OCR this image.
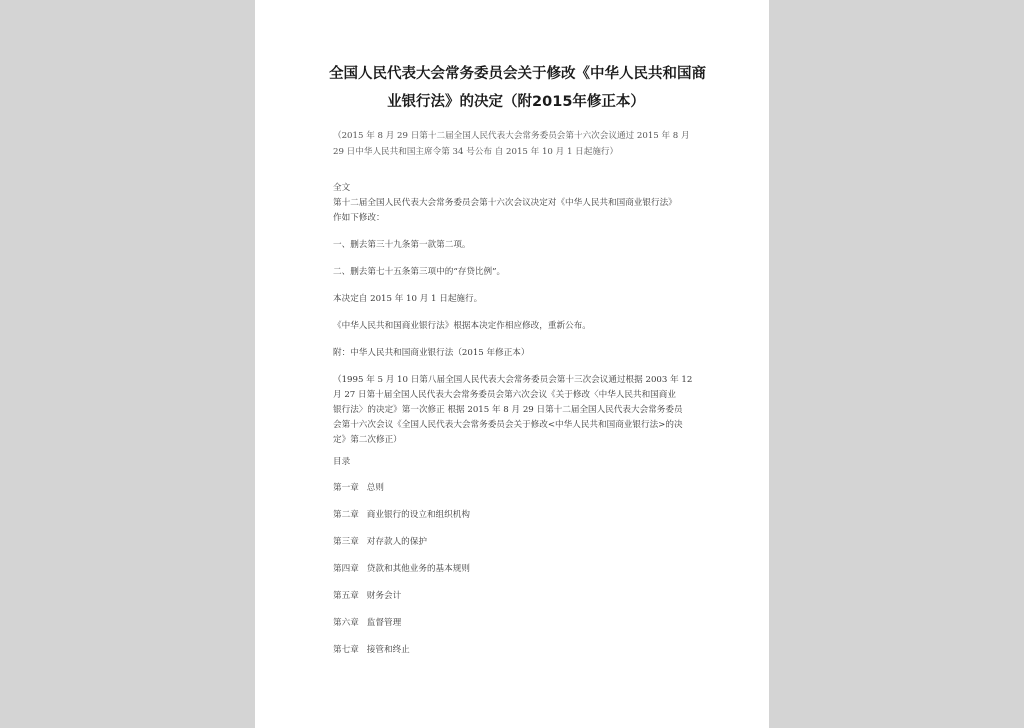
全国人民代表大会常务委员会关于修改《中华人民共和国商
业银行法》的决定（附2015年修正本）
（2015 年 8 月 29 日第十二届全国人民代表大会常务委员会第十六次会议通过 2015 年 8 月
29 日中华人民共和国主席令第 34 号公布 自 2015 年 10 月 1 日起施行）
全文
第十二届全国人民代表大会常务委员会第十六次会议决定对《中华人民共和国商业银行法》
作如下修改：
一、删去第三十九条第一款第二项。
二、删去第七十五条第三项中的“存贷比例”。
本决定自 2015 年 10 月 1 日起施行。
《中华人民共和国商业银行法》根据本决定作相应修改，重新公布。
附：中华人民共和国商业银行法（2015 年修正本）
（1995 年 5 月 10 日第八届全国人民代表大会常务委员会第十三次会议通过根据 2003 年 12
月 27 日第十届全国人民代表大会常务委员会第六次会议《关于修改〈中华人民共和国商业
银行法〉的决定》第一次修正 根据 2015 年 8 月 29 日第十二届全国人民代表大会常务委员
会第十六次会议《全国人民代表大会常务委员会关于修改<中华人民共和国商业银行法>的决
定》第二次修正）
目录
第一章 总则
第二章 商业银行的设立和组织机构
第三章 对存款人的保护
第四章 贷款和其他业务的基本规则
第五章 财务会计
第六章 监督管理
第七章 接管和终止
